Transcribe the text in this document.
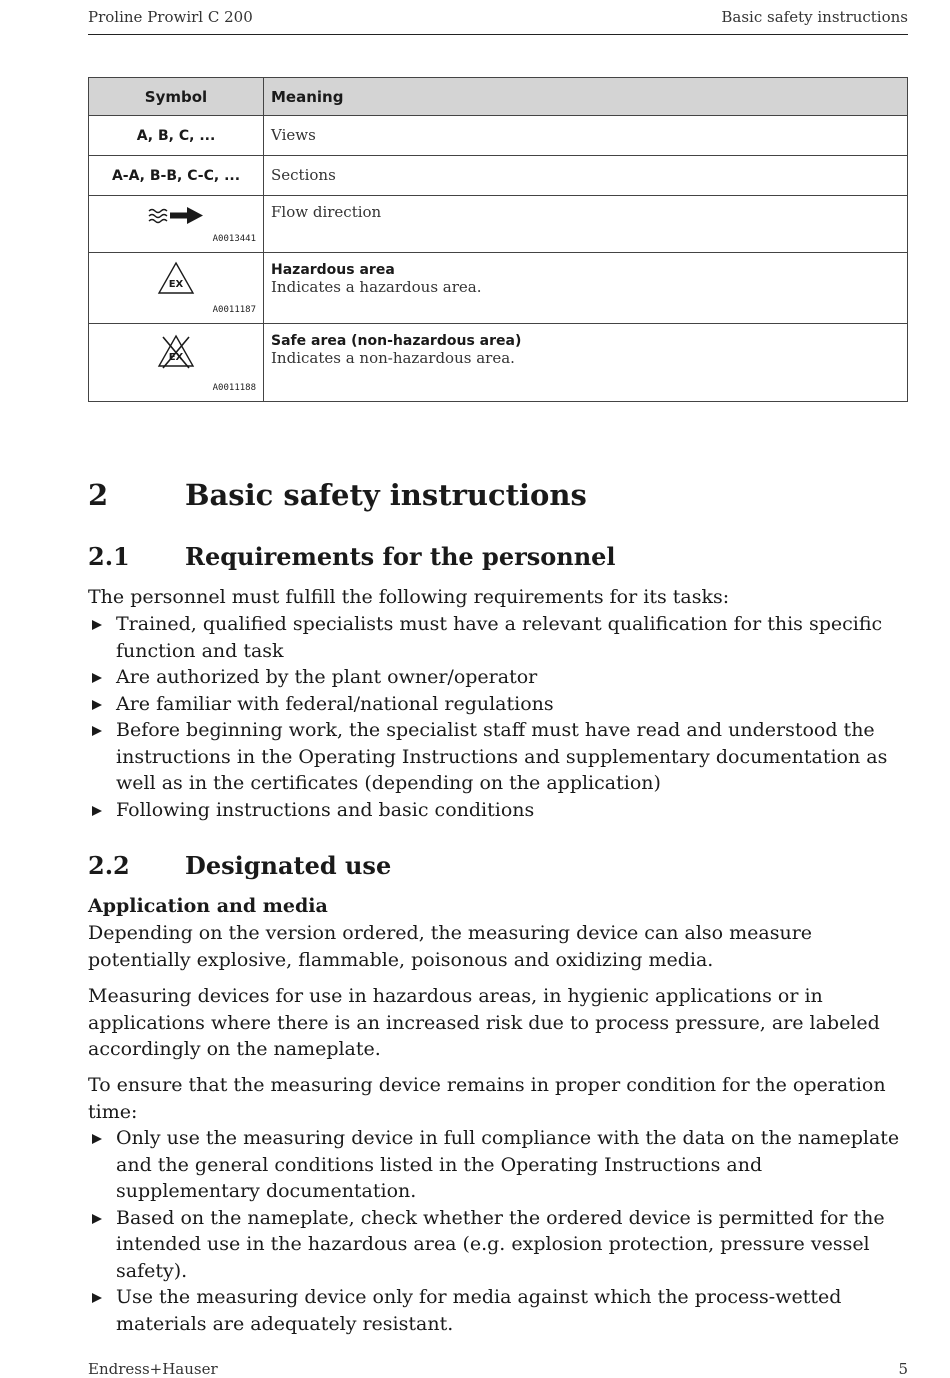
Proline Prowirl C 200	Basic safety instructions
Symbol	Meaning
A, B, C, ...	Views
A-A, B-B, C-C, ...	Sections

A0013441	Flow direction

EX
A0011187	Hazardous area
Indicates a hazardous area.

EX
A0011188	Safe area (non-hazardous area)
Indicates a non-hazardous area.
2	Basic safety instructions
2.1 Requirements for the personnel

The personnel must fulfill the following requirements for its tasks:

Trained, qualified specialists must have a relevant qualification for this specific function and task
Are authorized by the plant owner/operator
Are familiar with federal/national regulations
Before beginning work, the specialist staff must have read and understood the instructions in the Operating Instructions and supplementary documentation as well as in the certificates (depending on the application)
Following instructions and basic conditions
2.2 Designated use
Application and media

Depending on the version ordered, the measuring device can also measure potentially explosive, flammable, poisonous and oxidizing media.

Measuring devices for use in hazardous areas, in hygienic applications or in applications where there is an increased risk due to process pressure, are labeled accordingly on the nameplate.

To ensure that the measuring device remains in proper condition for the operation time:

Only use the measuring device in full compliance with the data on the nameplate and the general conditions listed in the Operating Instructions and supplementary documentation.
Based on the nameplate, check whether the ordered device is permitted for the intended use in the hazardous area (e.g. explosion protection, pressure vessel safety).
Use the measuring device only for media against which the process-wetted materials are adequately resistant.
Endress+Hauser	5
